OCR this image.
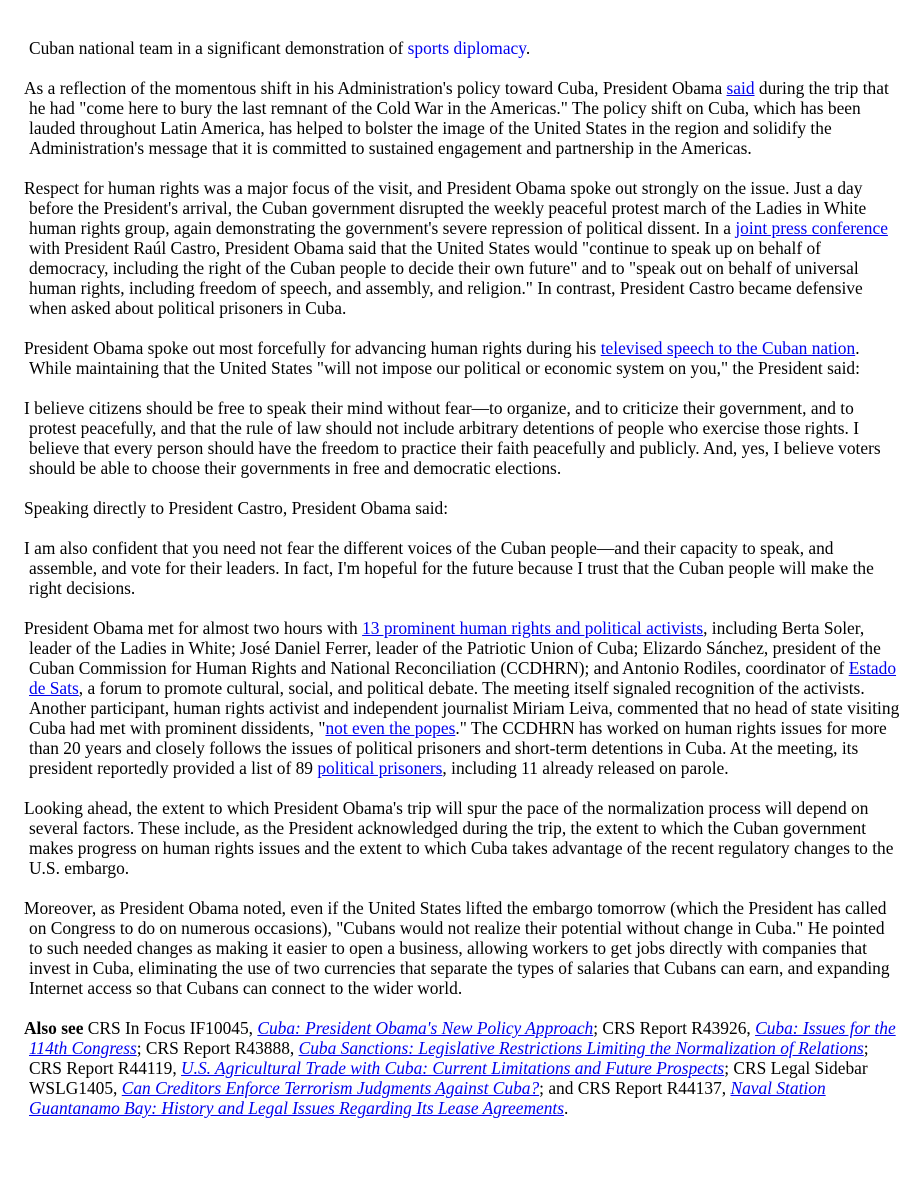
Cuban national team in a significant demonstration of sports diplomacy.

As a reflection of the momentous shift in his Administration's policy toward Cuba, President Obama said during the trip that he had "come here to bury the last remnant of the Cold War in the Americas." The policy shift on Cuba, which has been lauded throughout Latin America, has helped to bolster the image of the United States in the region and solidify the Administration's message that it is committed to sustained engagement and partnership in the Americas.

Respect for human rights was a major focus of the visit, and President Obama spoke out strongly on the issue. Just a day before the President's arrival, the Cuban government disrupted the weekly peaceful protest march of the Ladies in White human rights group, again demonstrating the government's severe repression of political dissent. In a joint press conference with President Raúl Castro, President Obama said that the United States would "continue to speak up on behalf of democracy, including the right of the Cuban people to decide their own future" and to "speak out on behalf of universal human rights, including freedom of speech, and assembly, and religion." In contrast, President Castro became defensive when asked about political prisoners in Cuba.

President Obama spoke out most forcefully for advancing human rights during his televised speech to the Cuban nation. While maintaining that the United States "will not impose our political or economic system on you," the President said:

I believe citizens should be free to speak their mind without fear—to organize, and to criticize their government, and to protest peacefully, and that the rule of law should not include arbitrary detentions of people who exercise those rights. I believe that every person should have the freedom to practice their faith peacefully and publicly. And, yes, I believe voters should be able to choose their governments in free and democratic elections.

Speaking directly to President Castro, President Obama said:

I am also confident that you need not fear the different voices of the Cuban people—and their capacity to speak, and assemble, and vote for their leaders. In fact, I'm hopeful for the future because I trust that the Cuban people will make the right decisions.

President Obama met for almost two hours with 13 prominent human rights and political activists, including Berta Soler, leader of the Ladies in White; José Daniel Ferrer, leader of the Patriotic Union of Cuba; Elizardo Sánchez, president of the Cuban Commission for Human Rights and National Reconciliation (CCDHRN); and Antonio Rodiles, coordinator of Estado de Sats, a forum to promote cultural, social, and political debate. The meeting itself signaled recognition of the activists. Another participant, human rights activist and independent journalist Miriam Leiva, commented that no head of state visiting Cuba had met with prominent dissidents, "not even the popes." The CCDHRN has worked on human rights issues for more than 20 years and closely follows the issues of political prisoners and short-term detentions in Cuba. At the meeting, its president reportedly provided a list of 89 political prisoners, including 11 already released on parole.

Looking ahead, the extent to which President Obama's trip will spur the pace of the normalization process will depend on several factors. These include, as the President acknowledged during the trip, the extent to which the Cuban government makes progress on human rights issues and the extent to which Cuba takes advantage of the recent regulatory changes to the U.S. embargo.

Moreover, as President Obama noted, even if the United States lifted the embargo tomorrow (which the President has called on Congress to do on numerous occasions), "Cubans would not realize their potential without change in Cuba." He pointed to such needed changes as making it easier to open a business, allowing workers to get jobs directly with companies that invest in Cuba, eliminating the use of two currencies that separate the types of salaries that Cubans can earn, and expanding Internet access so that Cubans can connect to the wider world.

Also see CRS In Focus IF10045, Cuba: President Obama's New Policy Approach; CRS Report R43926, Cuba: Issues for the 114th Congress; CRS Report R43888, Cuba Sanctions: Legislative Restrictions Limiting the Normalization of Relations; CRS Report R44119, U.S. Agricultural Trade with Cuba: Current Limitations and Future Prospects; CRS Legal Sidebar WSLG1405, Can Creditors Enforce Terrorism Judgments Against Cuba?; and CRS Report R44137, Naval Station Guantanamo Bay: History and Legal Issues Regarding Its Lease Agreements.
